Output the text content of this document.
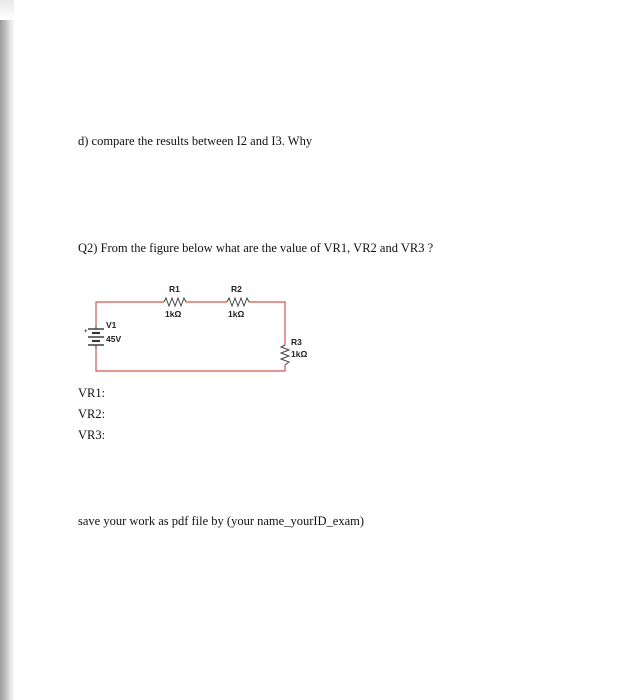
d) compare the results between I2 and I3. Why

Q2) From the figure below what are the value of VR1, VR2 and VR3 ?

+
R1
1kΩ
R2
1kΩ
R3
1kΩ
V1
45V
VR1:
VR2:
VR3:

save your work as pdf file by (your name_yourID_exam)
